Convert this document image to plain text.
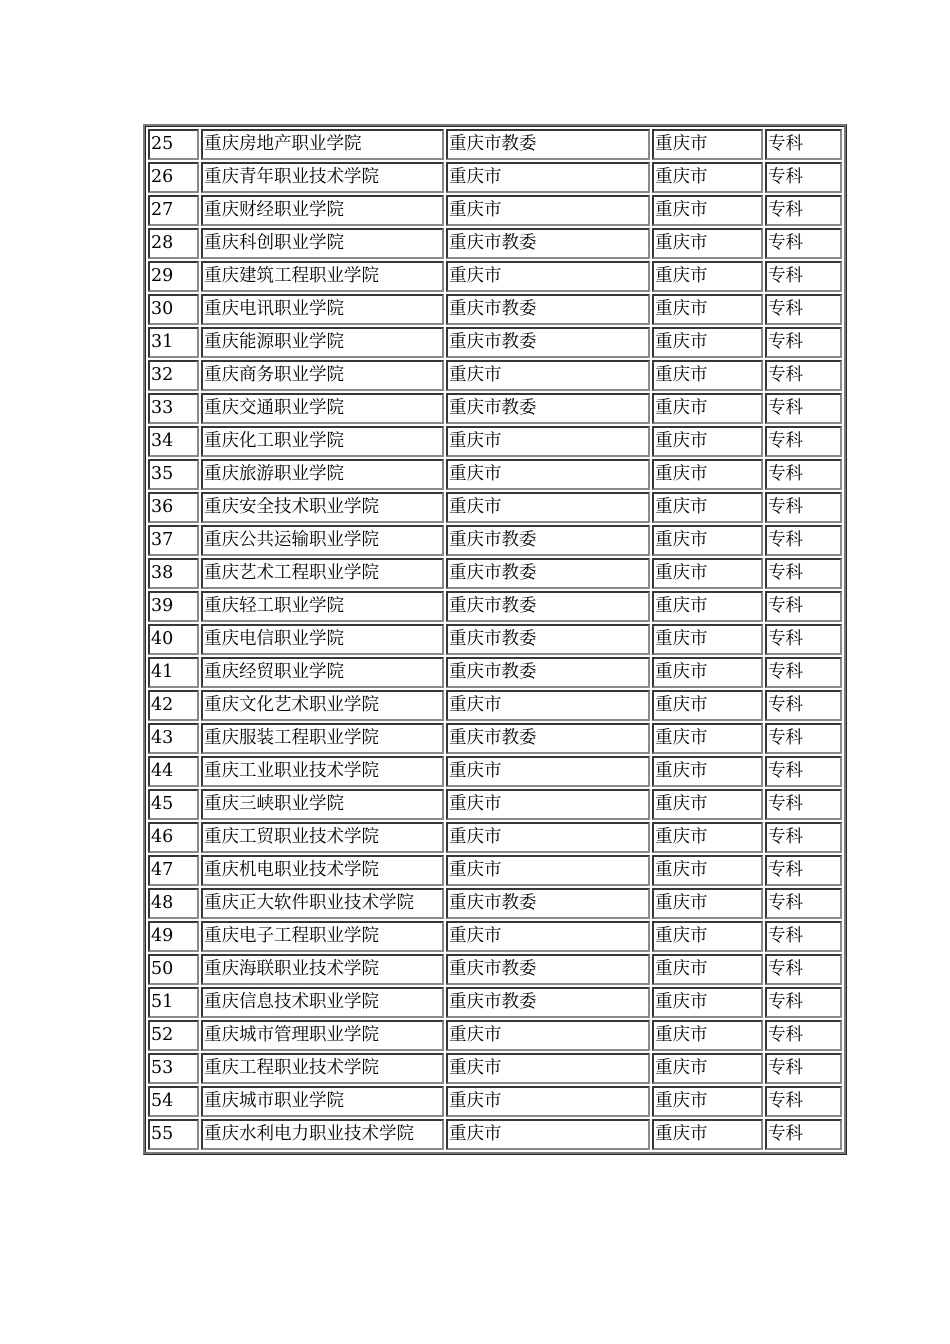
25	重庆房地产职业学院	重庆市教委	重庆市	专科
26	重庆青年职业技术学院	重庆市	重庆市	专科
27	重庆财经职业学院	重庆市	重庆市	专科
28	重庆科创职业学院	重庆市教委	重庆市	专科
29	重庆建筑工程职业学院	重庆市	重庆市	专科
30	重庆电讯职业学院	重庆市教委	重庆市	专科
31	重庆能源职业学院	重庆市教委	重庆市	专科
32	重庆商务职业学院	重庆市	重庆市	专科
33	重庆交通职业学院	重庆市教委	重庆市	专科
34	重庆化工职业学院	重庆市	重庆市	专科
35	重庆旅游职业学院	重庆市	重庆市	专科
36	重庆安全技术职业学院	重庆市	重庆市	专科
37	重庆公共运输职业学院	重庆市教委	重庆市	专科
38	重庆艺术工程职业学院	重庆市教委	重庆市	专科
39	重庆轻工职业学院	重庆市教委	重庆市	专科
40	重庆电信职业学院	重庆市教委	重庆市	专科
41	重庆经贸职业学院	重庆市教委	重庆市	专科
42	重庆文化艺术职业学院	重庆市	重庆市	专科
43	重庆服装工程职业学院	重庆市教委	重庆市	专科
44	重庆工业职业技术学院	重庆市	重庆市	专科
45	重庆三峡职业学院	重庆市	重庆市	专科
46	重庆工贸职业技术学院	重庆市	重庆市	专科
47	重庆机电职业技术学院	重庆市	重庆市	专科
48	重庆正大软件职业技术学院	重庆市教委	重庆市	专科
49	重庆电子工程职业学院	重庆市	重庆市	专科
50	重庆海联职业技术学院	重庆市教委	重庆市	专科
51	重庆信息技术职业学院	重庆市教委	重庆市	专科
52	重庆城市管理职业学院	重庆市	重庆市	专科
53	重庆工程职业技术学院	重庆市	重庆市	专科
54	重庆城市职业学院	重庆市	重庆市	专科
55	重庆水利电力职业技术学院	重庆市	重庆市	专科
